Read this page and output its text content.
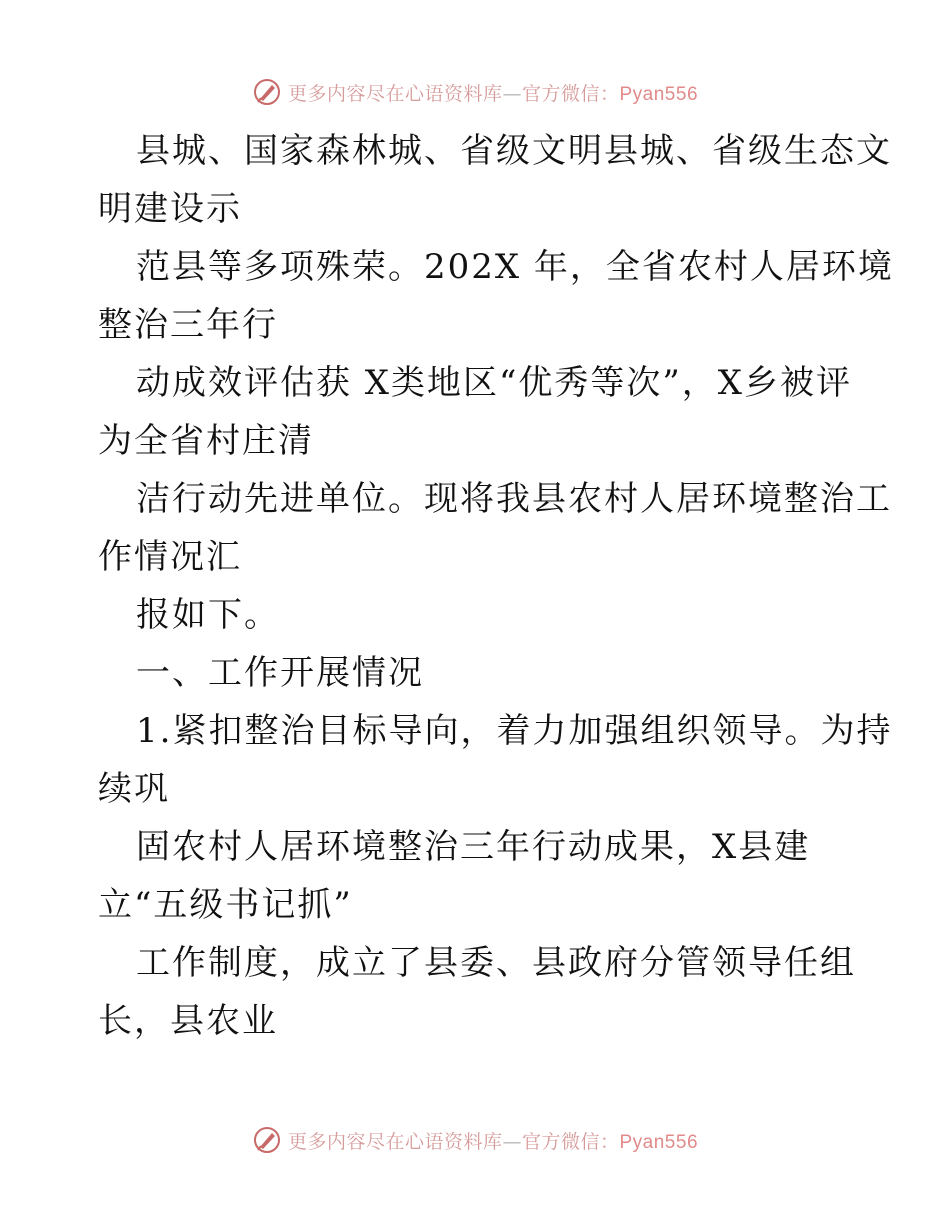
更多内容尽在心语资料库—官方微信：Pyan556
县城、国家森林城、省级文明县城、省级生态文
明建设示
范县等多项殊荣。202X 年，全省农村人居环境
整治三年行
动成效评估获 X类地区“优秀等次”，X乡被评
为全省村庄清
洁行动先进单位。现将我县农村人居环境整治工
作情况汇
报如下。
一、工作开展情况
1.紧扣整治目标导向，着力加强组织领导。为持
续巩
固农村人居环境整治三年行动成果，X县建
立“五级书记抓”
工作制度，成立了县委、县政府分管领导任组
长，县农业
更多内容尽在心语资料库—官方微信：Pyan556
